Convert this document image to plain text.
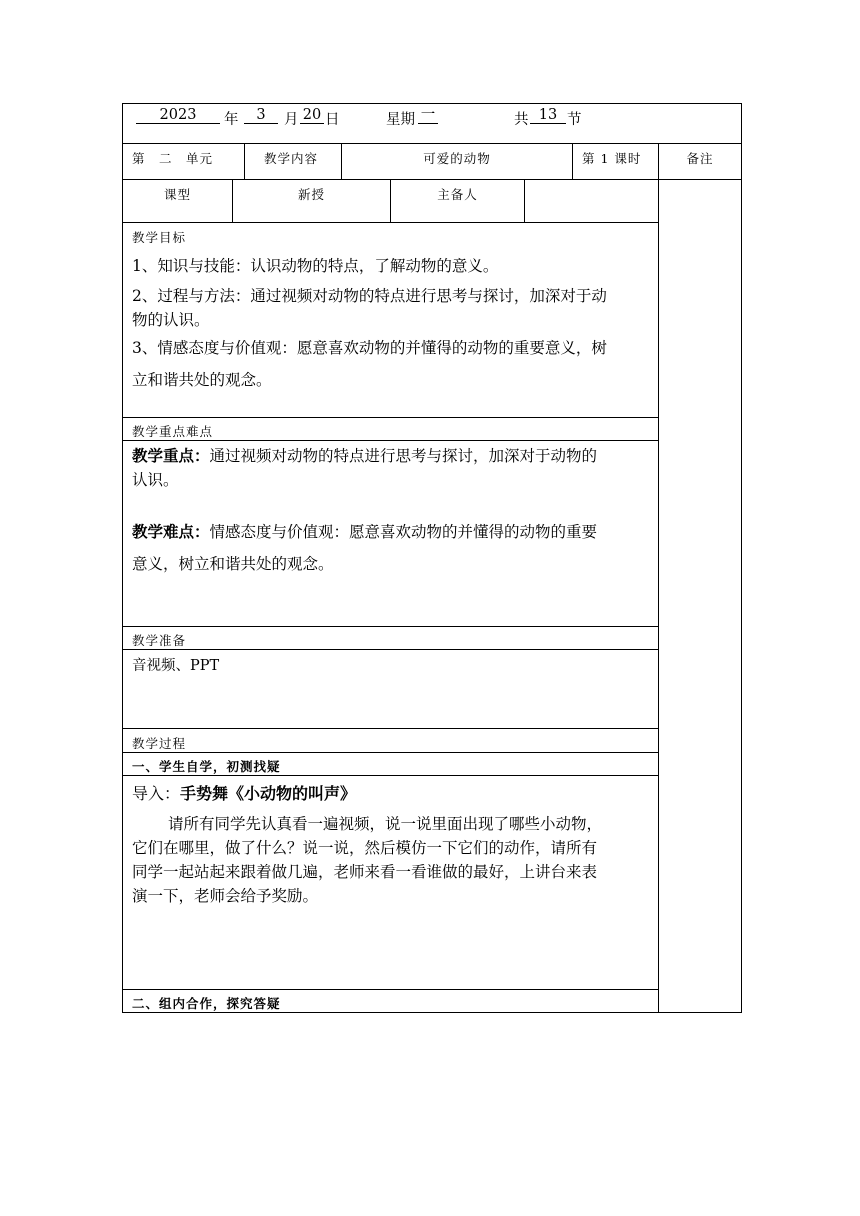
2023	年	3	月 20 日	星期 一	共 13 节
第　二　单元	教学内容	可爱的动物	第 1 课时	备注
课型	新授	主备人
教学目标
1、知识与技能：认识动物的特点，了解动物的意义。
2、过程与方法：通过视频对动物的特点进行思考与探讨，加深对于动
物的认识。
3、情感态度与价值观：愿意喜欢动物的并懂得的动物的重要意义，树
立和谐共处的观念。
教学重点难点
教学重点：通过视频对动物的特点进行思考与探讨，加深对于动物的
认识。
教学难点：情感态度与价值观：愿意喜欢动物的并懂得的动物的重要
意义，树立和谐共处的观念。
教学准备
音视频、PPT
教学过程
一、学生自学，初测找疑
导入：手势舞《小动物的叫声》
请所有同学先认真看一遍视频，说一说里面出现了哪些小动物，
它们在哪里，做了什么？说一说，然后模仿一下它们的动作，请所有
同学一起站起来跟着做几遍，老师来看一看谁做的最好，上讲台来表
演一下，老师会给予奖励。
二、组内合作，探究答疑
